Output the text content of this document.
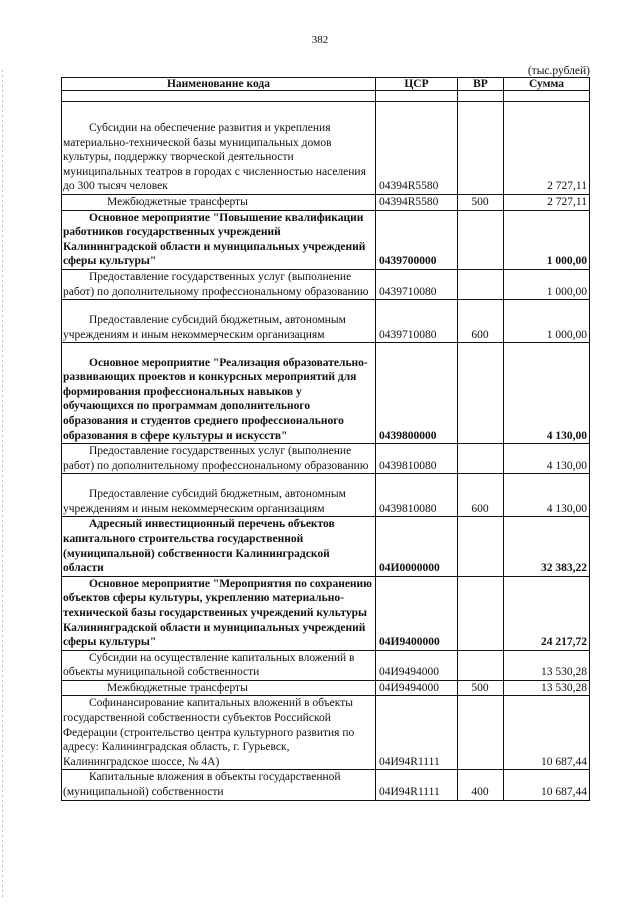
382
(тыс.рублей)
Наименование кода	ЦСР	ВР	Сумма

Субсидии на обеспечение развития и укрепления материально-технической базы муниципальных домов культуры, поддержку творческой деятельности муниципальных театров в городах с численностью населения до 300 тысяч человек	04394R5580		2 727,11
Межбюджетные трансферты	04394R5580	500	2 727,11
Основное мероприятие "Повышение квалификации работников государственных учреждений Калининградской области и муниципальных учреждений сферы культуры"	0439700000		1 000,00
Предоставление государственных услуг (выполнение работ) по дополнительному профессиональному образованию	0439710080		1 000,00
Предоставление субсидий бюджетным, автономным учреждениям и иным некоммерческим организациям	0439710080	600	1 000,00
Основное мероприятие "Реализация образовательно-развивающих проектов и конкурсных мероприятий для формирования профессиональных навыков у обучающихся по программам дополнительного образования и студентов среднего профессионального образования в сфере культуры и искусств"	0439800000		4 130,00
Предоставление государственных услуг (выполнение работ) по дополнительному профессиональному образованию	0439810080		4 130,00
Предоставление субсидий бюджетным, автономным учреждениям и иным некоммерческим организациям	0439810080	600	4 130,00
Адресный инвестиционный перечень объектов капитального строительства государственной (муниципальной) собственности Калининградской области	04И0000000		32 383,22
Основное мероприятие "Мероприятия по сохранению объектов сферы культуры, укреплению материально-технической базы государственных учреждений культуры Калининградской области и муниципальных учреждений сферы культуры"	04И9400000		24 217,72
Субсидии на осуществление капитальных вложений в объекты муниципальной собственности	04И9494000		13 530,28
Межбюджетные трансферты	04И9494000	500	13 530,28
Софинансирование капитальных вложений в объекты государственной собственности субъектов Российской Федерации (строительство центра культурного развития по адресу: Калининградская область, г. Гурьевск, Калининградское шоссе, № 4А)	04И94R1111		10 687,44
Капитальные вложения в объекты государственной (муниципальной) собственности	04И94R1111	400	10 687,44
